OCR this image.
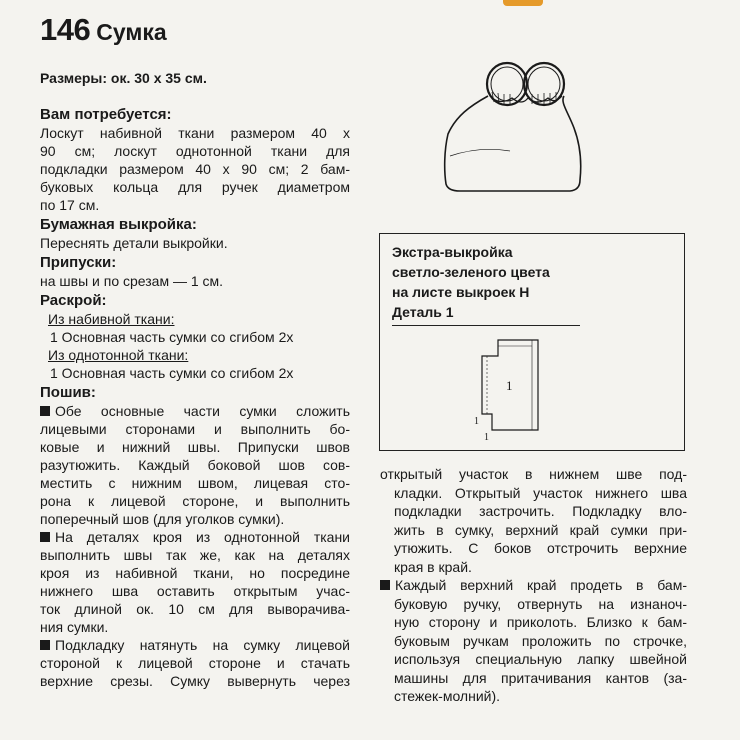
146 Сумка
Размеры: ок. 30 х 35 см.
Вам потребуется:

Лоскут набивной ткани размером 40 х

90 см; лоскут однотонной ткани для

подкладки размером 40 х 90 см; 2 бам-

буковых кольца для ручек диаметром

по 17 см.

Бумажная выкройка:

Переснять детали выкройки.

Припуски:

на швы и по срезам — 1 см.

Раскрой:
Из набивной ткани:
1 Основная часть сумки со сгибом 2х
Из однотонной ткани:
1 Основная часть сумки со сгибом 2х
Пошив:

Обе основные части сумки сложить

лицевыми сторонами и выполнить бо-

ковые и нижний швы. Припуски швов

разутюжить. Каждый боковой шов сов-

местить с нижним швом, лицевая сто-

рона к лицевой стороне, и выполнить

поперечный шов (для уголков сумки).

На деталях кроя из однотонной ткани

выполнить швы так же, как на деталях

кроя из набивной ткани, но посредине

нижнего шва оставить открытым учас-

ток длиной ок. 10 см для выворачива-

ния сумки.

Подкладку натянуть на сумку лицевой

стороной к лицевой стороне и стачать

верхние срезы. Сумку вывернуть через

Экстра-выкройка
светло-зеленого цвета
на листе выкроек Н
Деталь 1
1
1
1

открытый участок в нижнем шве под-

кладки. Открытый участок нижнего шва

подкладки застрочить. Подкладку вло-

жить в сумку, верхний край сумки при-

утюжить. С боков отстрочить верхние

края в край.

Каждый верхний край продеть в бам-

буковую ручку, отвернуть на изнаноч-

ную сторону и приколоть. Близко к бам-

буковым ручкам проложить по строчке,

используя специальную лапку швейной

машины для притачивания кантов (за-

стежек-молний).
